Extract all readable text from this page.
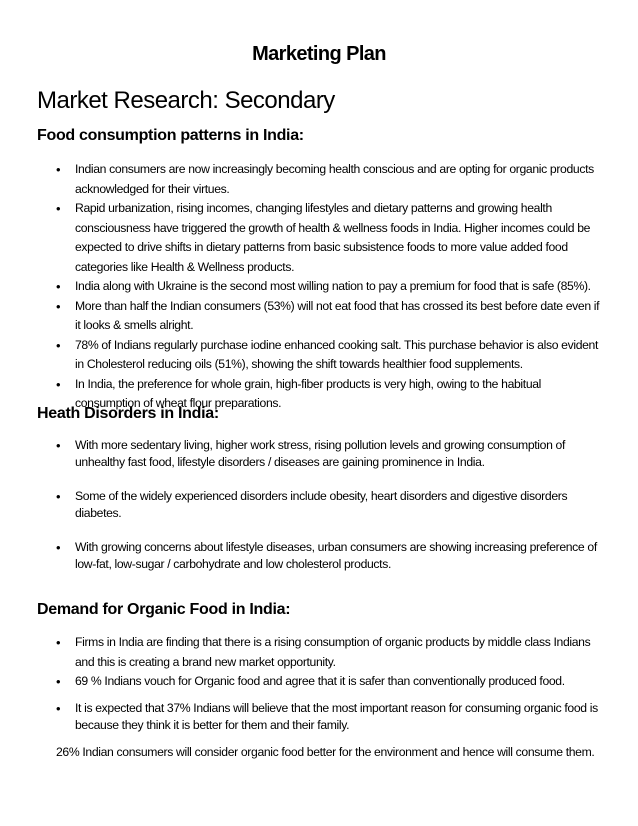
Marketing Plan
Market Research: Secondary
Food consumption patterns in India:
• Indian consumers are now increasingly becoming health conscious and are opting for organic products acknowledged for their virtues.
• Rapid urbanization, rising incomes, changing lifestyles and dietary patterns and growing health consciousness have triggered the growth of health & wellness foods in India. Higher incomes could be expected to drive shifts in dietary patterns from basic subsistence foods to more value added food categories like Health & Wellness products.
• India along with Ukraine is the second most willing nation to pay a premium for food that is safe (85%).
• More than half the Indian consumers (53%) will not eat food that has crossed its best before date even if it looks & smells alright.
• 78% of Indians regularly purchase iodine enhanced cooking salt. This purchase behavior is also evident in Cholesterol reducing oils (51%), showing the shift towards healthier food supplements.
• In India, the preference for whole grain, high-fiber products is very high, owing to the habitual consumption of wheat flour preparations.
Heath Disorders in India:
• With more sedentary living, higher work stress, rising pollution levels and growing consumption of unhealthy fast food, lifestyle disorders / diseases are gaining prominence in India.
• Some of the widely experienced disorders include obesity, heart disorders and digestive disorders diabetes.
• With growing concerns about lifestyle diseases, urban consumers are showing increasing preference of low-fat, low-sugar / carbohydrate and low cholesterol products.
Demand for Organic Food in India:
• Firms in India are finding that there is a rising consumption of organic products by middle class Indians and this is creating a brand new market opportunity.
• 69 % Indians vouch for Organic food and agree that it is safer than conventionally produced food.
• It is expected that 37% Indians will believe that the most important reason for consuming organic food is because they think it is better for them and their family.
26% Indian consumers will consider organic food better for the environment and hence will consume them.
